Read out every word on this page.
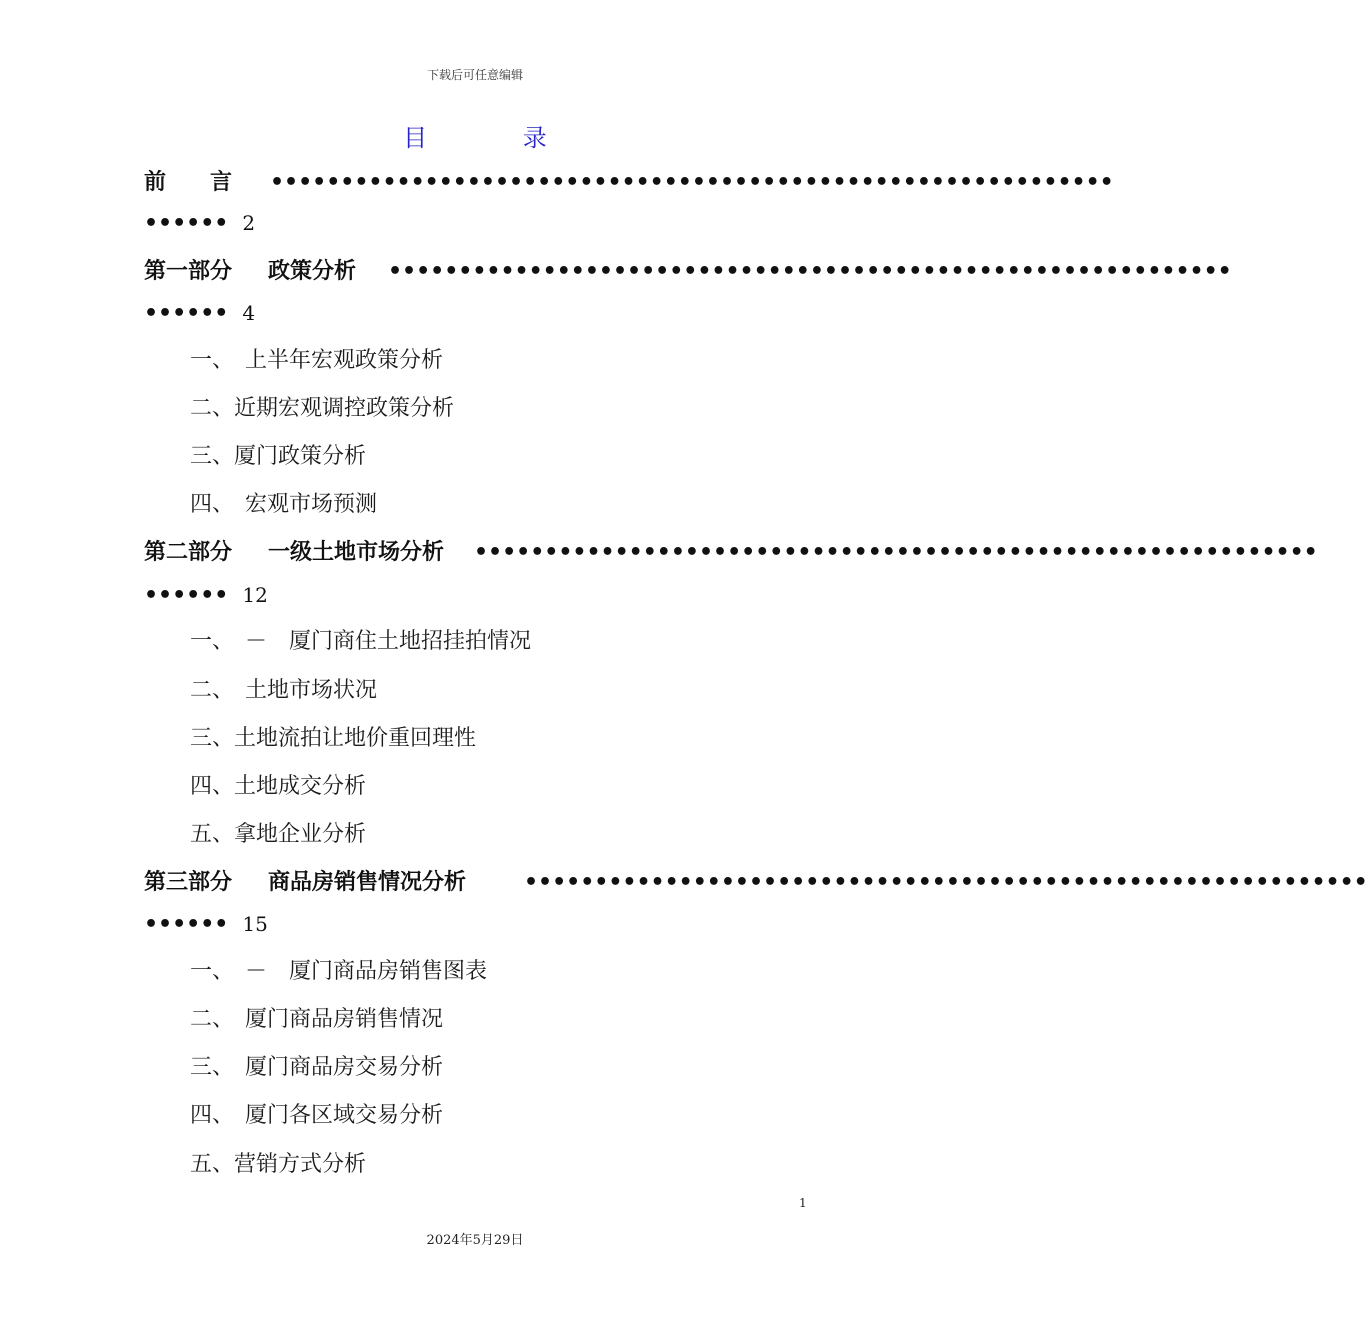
下载后可任意编辑
目 录
前　　言 ••••••••••••••••••••••••••••••••••••••••••••••••••••••••••••
•••••• 2
第一部分 政策分析 ••••••••••••••••••••••••••••••••••••••••••••••••••••••••••••
•••••• 4
一、　上半年宏观政策分析
二、近期宏观调控政策分析
三、厦门政策分析
四、　宏观市场预测
第二部分 一级土地市场分析 ••••••••••••••••••••••••••••••••••••••••••••••••••••••••••••
•••••• 12
一、　－　厦门商住土地招挂拍情况
二、　土地市场状况
三、土地流拍让地价重回理性
四、土地成交分析
五、拿地企业分析
第三部分 商品房销售情况分析	••••••••••••••••••••••••••••••••••••••••••••••••••••••••••••
•••••• 15
一、　－　厦门商品房销售图表
二、　厦门商品房销售情况
三、　厦门商品房交易分析
四、　厦门各区域交易分析
五、营销方式分析
1
2024年5月29日
